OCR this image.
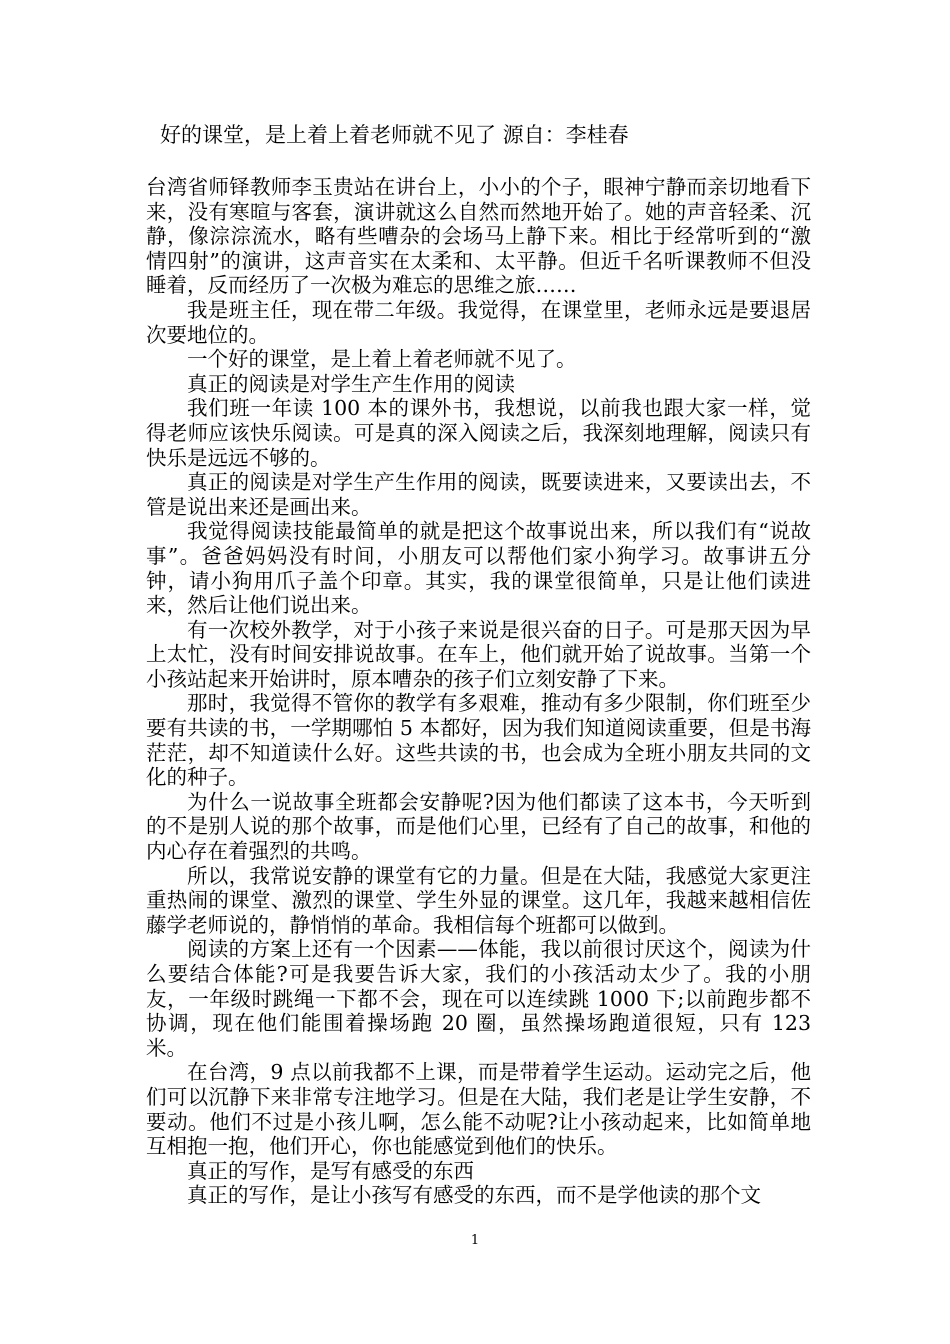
好的课堂，是上着上着老师就不见了 源自：李桂春

台湾省师铎教师李玉贵站在讲台上，小小的个子，眼神宁静而亲切地看下来，没有寒暄与客套，演讲就这么自然而然地开始了。她的声音轻柔、沉静，像淙淙流水，略有些嘈杂的会场马上静下来。相比于经常听到的“激情四射”的演讲，这声音实在太柔和、太平静。但近千名听课教师不但没睡着，反而经历了一次极为难忘的思维之旅……

我是班主任，现在带二年级。我觉得，在课堂里，老师永远是要退居次要地位的。

一个好的课堂，是上着上着老师就不见了。

真正的阅读是对学生产生作用的阅读

我们班一年读 100 本的课外书，我想说，以前我也跟大家一样，觉得老师应该快乐阅读。可是真的深入阅读之后，我深刻地理解，阅读只有快乐是远远不够的。

真正的阅读是对学生产生作用的阅读，既要读进来，又要读出去，不管是说出来还是画出来。

我觉得阅读技能最简单的就是把这个故事说出来，所以我们有“说故事”。爸爸妈妈没有时间，小朋友可以帮他们家小狗学习。故事讲五分钟，请小狗用爪子盖个印章。其实，我的课堂很简单，只是让他们读进来，然后让他们说出来。

有一次校外教学，对于小孩子来说是很兴奋的日子。可是那天因为早上太忙，没有时间安排说故事。在车上，他们就开始了说故事。当第一个小孩站起来开始讲时，原本嘈杂的孩子们立刻安静了下来。

那时，我觉得不管你的教学有多艰难，推动有多少限制，你们班至少要有共读的书，一学期哪怕 5 本都好，因为我们知道阅读重要，但是书海茫茫，却不知道读什么好。这些共读的书，也会成为全班小朋友共同的文化的种子。

为什么一说故事全班都会安静呢?因为他们都读了这本书，今天听到的不是别人说的那个故事，而是他们心里，已经有了自己的故事，和他的内心存在着强烈的共鸣。

所以，我常说安静的课堂有它的力量。但是在大陆，我感觉大家更注重热闹的课堂、激烈的课堂、学生外显的课堂。这几年，我越来越相信佐藤学老师说的，静悄悄的革命。我相信每个班都可以做到。

阅读的方案上还有一个因素——体能，我以前很讨厌这个，阅读为什么要结合体能?可是我要告诉大家，我们的小孩活动太少了。我的小朋友，一年级时跳绳一下都不会，现在可以连续跳 1000 下;以前跑步都不协调，现在他们能围着操场跑 20 圈，虽然操场跑道很短，只有 123 米。

在台湾，9 点以前我都不上课，而是带着学生运动。运动完之后，他们可以沉静下来非常专注地学习。但是在大陆，我们老是让学生安静，不要动。他们不过是小孩儿啊，怎么能不动呢?让小孩动起来，比如简单地互相抱一抱，他们开心，你也能感觉到他们的快乐。

真正的写作，是写有感受的东西

真正的写作，是让小孩写有感受的东西，而不是学他读的那个文

1
